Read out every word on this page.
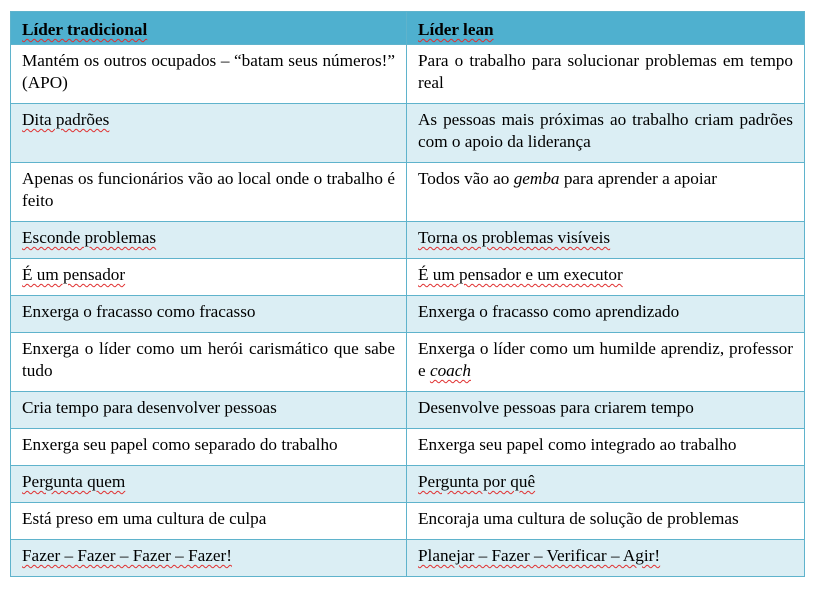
Líder tradicional	Líder lean
Mantém os outros ocupados – “batam seus números!” (APO)	Para o trabalho para solucionar problemas em tempo real
Dita padrões	As pessoas mais próximas ao trabalho criam padrões com o apoio da liderança
Apenas os funcionários vão ao local onde o trabalho é feito	Todos vão ao gemba para aprender a apoiar
Esconde problemas	Torna os problemas visíveis
É um pensador	É um pensador e um executor
Enxerga o fracasso como fracasso	Enxerga o fracasso como aprendizado
Enxerga o líder como um herói carismático que sabe tudo	Enxerga o líder como um humilde aprendiz, professor e coach
Cria tempo para desenvolver pessoas	Desenvolve pessoas para criarem tempo
Enxerga seu papel como separado do trabalho	Enxerga seu papel como integrado ao trabalho
Pergunta quem	Pergunta por quê
Está preso em uma cultura de culpa	Encoraja uma cultura de solução de problemas
Fazer – Fazer – Fazer – Fazer!	Planejar – Fazer – Verificar – Agir!
